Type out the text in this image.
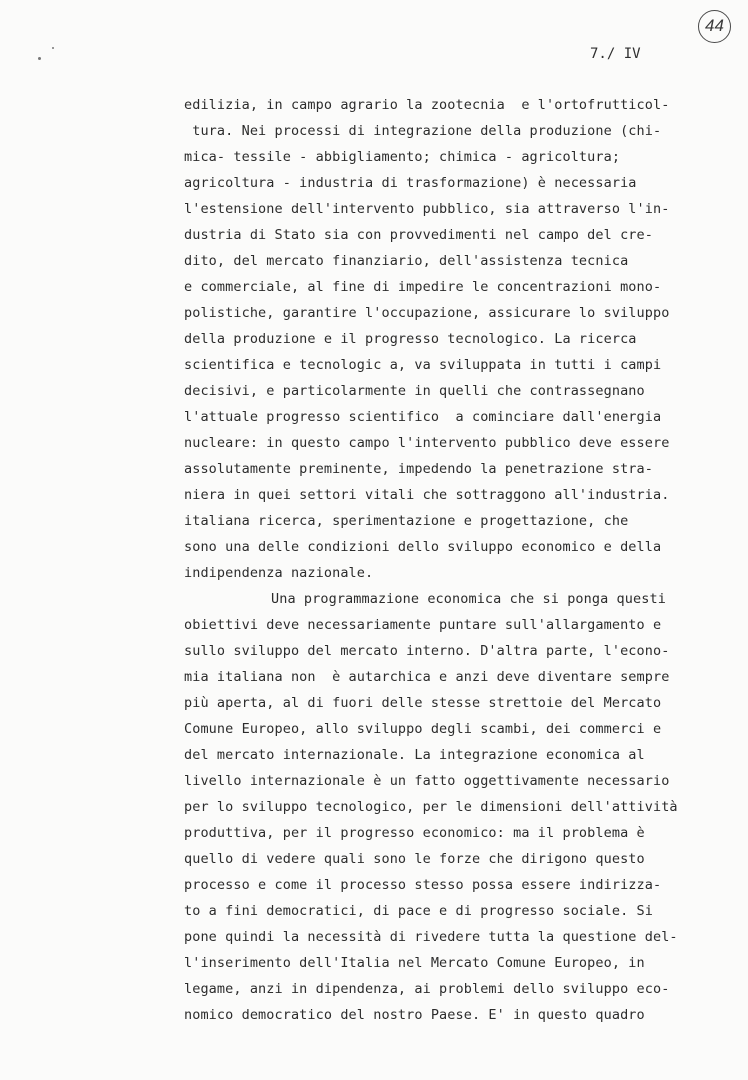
44
7./ IV
edilizia, in campo agrario la zootecnia  e l'ortofrutticol-
tura. Nei processi di integrazione della produzione (chi-
mica- tessile - abbigliamento; chimica - agricoltura;
agricoltura - industria di trasformazione) è necessaria
l'estensione dell'intervento pubblico, sia attraverso l'in-
dustria di Stato sia con provvedimenti nel campo del cre-
dito, del mercato finanziario, dell'assistenza tecnica
e commerciale, al fine di impedire le concentrazioni mono-
polistiche, garantire l'occupazione, assicurare lo sviluppo
della produzione e il progresso tecnologico. La ricerca
scientifica e tecnologic a, va sviluppata in tutti i campi
decisivi, e particolarmente in quelli che contrassegnano
l'attuale progresso scientifico  a cominciare dall'energia
nucleare: in questo campo l'intervento pubblico deve essere
assolutamente preminente, impedendo la penetrazione stra-
niera in quei settori vitali che sottraggono all'industria.
italiana ricerca, sperimentazione e progettazione, che
sono una delle condizioni dello sviluppo economico e della
indipendenza nazionale.
Una programmazione economica che si ponga questi
obiettivi deve necessariamente puntare sull'allargamento e
sullo sviluppo del mercato interno. D'altra parte, l'econo-
mia italiana non  è autarchica e anzi deve diventare sempre
più aperta, al di fuori delle stesse strettoie del Mercato
Comune Europeo, allo sviluppo degli scambi, dei commerci e
del mercato internazionale. La integrazione economica al
livello internazionale è un fatto oggettivamente necessario
per lo sviluppo tecnologico, per le dimensioni dell'attività
produttiva, per il progresso economico: ma il problema è
quello di vedere quali sono le forze che dirigono questo
processo e come il processo stesso possa essere indirizza-
to a fini democratici, di pace e di progresso sociale. Si
pone quindi la necessità di rivedere tutta la questione del-
l'inserimento dell'Italia nel Mercato Comune Europeo, in
legame, anzi in dipendenza, ai problemi dello sviluppo eco-
nomico democratico del nostro Paese. E' in questo quadro
